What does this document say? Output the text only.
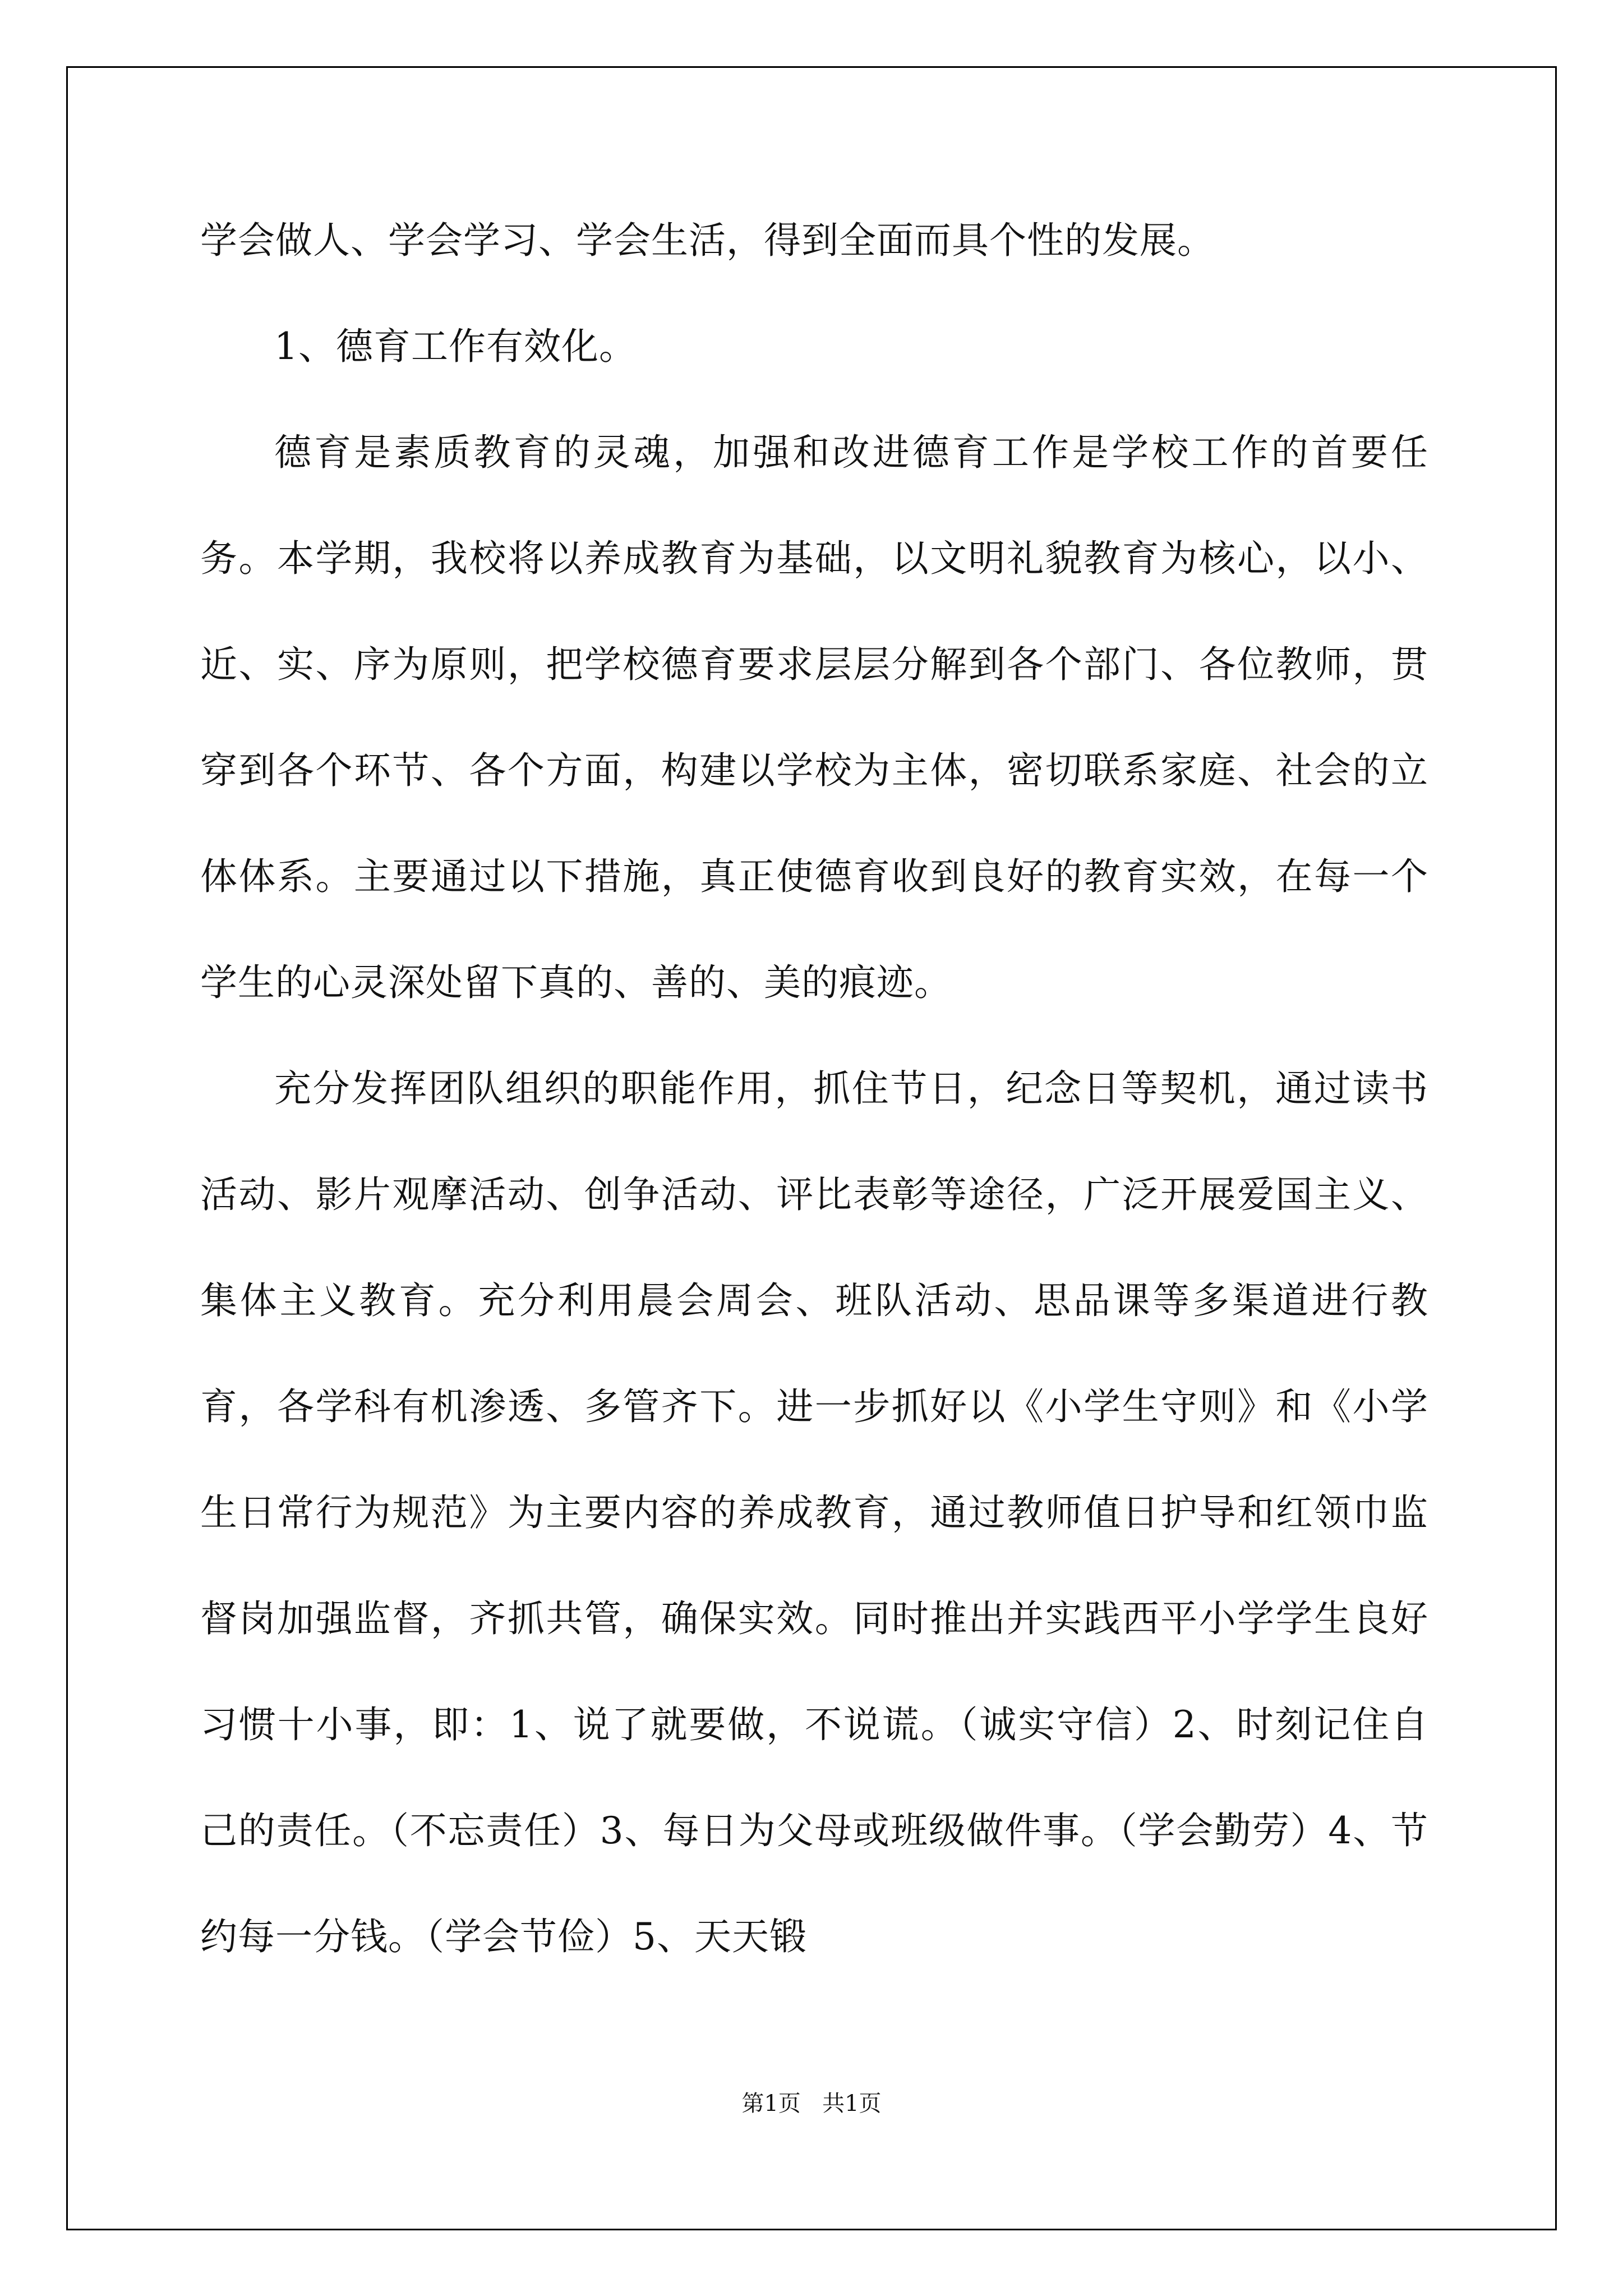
学会做人、学会学习、学会生活，得到全面而具个性的发展。

1、德育工作有效化。

德育是素质教育的灵魂，加强和改进德育工作是学校工作的首要任务。本学期，我校将以养成教育为基础，以文明礼貌教育为核心，以小、近、实、序为原则，把学校德育要求层层分解到各个部门、各位教师，贯穿到各个环节、各个方面，构建以学校为主体，密切联系家庭、社会的立体体系。主要通过以下措施，真正使德育收到良好的教育实效，在每一个学生的心灵深处留下真的、善的、美的痕迹。

充分发挥团队组织的职能作用，抓住节日，纪念日等契机，通过读书活动、影片观摩活动、创争活动、评比表彰等途径，广泛开展爱国主义、集体主义教育。充分利用晨会周会、班队活动、思品课等多渠道进行教育，各学科有机渗透、多管齐下。进一步抓好以《小学生守则》和《小学生日常行为规范》为主要内容的养成教育，通过教师值日护导和红领巾监督岗加强监督，齐抓共管，确保实效。同时推出并实践西平小学学生良好习惯十小事，即：1、说了就要做，不说谎。（诚实守信）2、时刻记住自己的责任。（不忘责任）3、每日为父母或班级做件事。（学会勤劳）4、节约每一分钱。（学会节俭）5、天天锻

第1页 共1页
